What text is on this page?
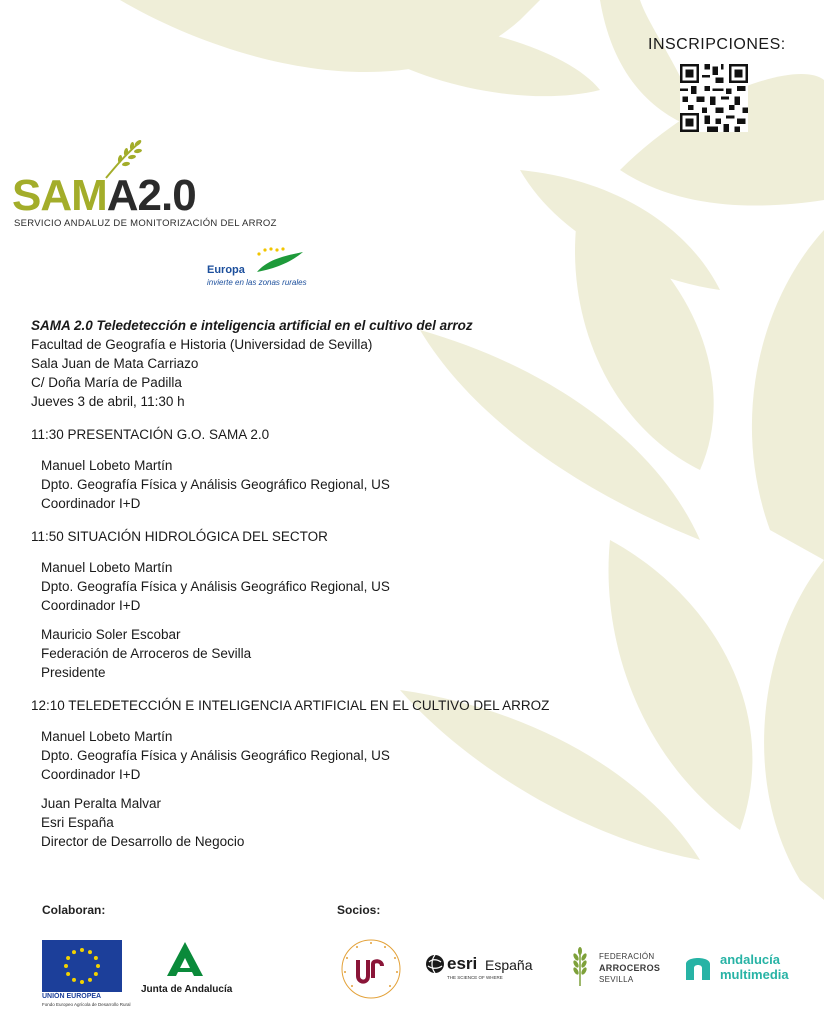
INSCRIPCIONES:
SAMA2.0
SERVICIO ANDALUZ DE MONITORIZACIÓN DEL ARROZ
Europa
invierte en las zonas rurales

SAMA 2.0 Teledetección e inteligencia artificial en el cultivo del arroz

Facultad de Geografía e Historia (Universidad de Sevilla)

Sala Juan de Mata Carriazo

C/ Doña María de Padilla

Jueves 3 de abril, 11:30 h

11:30 PRESENTACIÓN G.O. SAMA 2.0

Manuel Lobeto Martín
Dpto. Geografía Física y Análisis Geográfico Regional, US
Coordinador I+D

11:50 SITUACIÓN HIDROLÓGICA DEL SECTOR

Manuel Lobeto Martín
Dpto. Geografía Física y Análisis Geográfico Regional, US
Coordinador I+D

Mauricio Soler Escobar
Federación de Arroceros de Sevilla
Presidente

12:10 TELEDETECCIÓN E INTELIGENCIA ARTIFICIAL EN EL CULTIVO DEL ARROZ

Manuel Lobeto Martín
Dpto. Geografía Física y Análisis Geográfico Regional, US
Coordinador I+D

Juan Peralta Malvar
Esri España
Director de Desarrollo de Negocio

Colaboran:	Socios:
UNIÓN EUROPEA
Fondo Europeo Agrícola de Desarrollo Rural
Junta de Andalucía
esri España
THE SCIENCE OF WHERE
FEDERACIÓN
ARROCEROS
SEVILLA
andalucía
multimedia
